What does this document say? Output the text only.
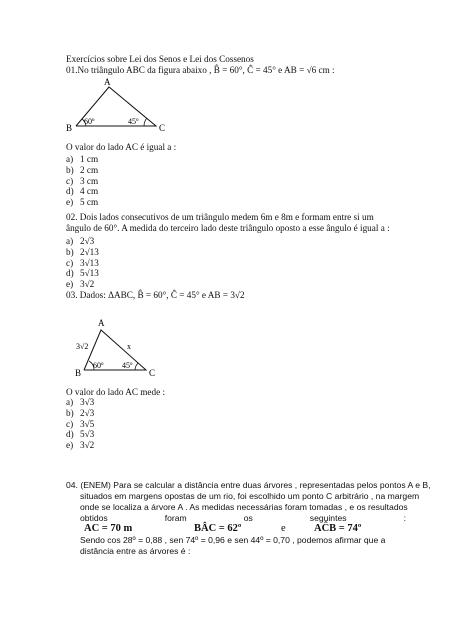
Exercícios sobre Lei dos Senos e Lei dos Cossenos
01.No triângulo ABC da figura abaixo , B̂ = 60°, Ĉ = 45° e AB = √6 cm :
A
B	C
60º	45º
O valor do lado AC é igual a :
a) 1 cm
b) 2 cm
c) 3 cm
d) 4 cm
e) 5 cm
02. Dois lados consecutivos de um triângulo medem 6m e 8m e formam entre si um
ângulo de 60°. A medida do terceiro lado deste triângulo oposto a esse ângulo é igual a :
a) 2√3
b) 2√13
c) 3√13
d) 5√13
e) 3√2
03. Dados: ΔABC, B̂ = 60°, Ĉ = 45° e AB = 3√2
A
B	C
3√2	x
60º 45º
O valor do lado AC mede :
a) 3√3
b) 2√3
c) 3√5
d) 5√3
e) 3√2
04. (ENEM) Para se calcular a distância entre duas árvores , representadas pelos pontos A e B,
situados em margens opostas de um rio, foi escolhido um ponto C arbitrário , na margem
onde se localiza a árvore A . As medidas necessárias foram tomadas , e os resultados
obtidos	foram	os	seguintes	:
AC = 70 m	BÂC = 62º	e	AĈB = 74º
Sendo cos 28º = 0,88 , sen 74º = 0,96 e sen 44º = 0,70 , podemos afirmar que a
distância entre as árvores é :
